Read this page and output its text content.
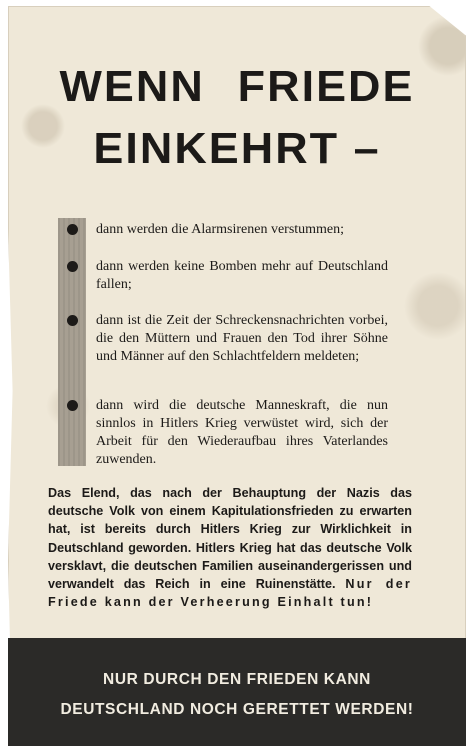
WENN FRIEDE
EINKEHRT –
dann werden die Alarmsirenen verstummen;
dann werden keine Bomben mehr auf Deutschland fallen;
dann ist die Zeit der Schreckensnachrichten vorbei, die den Müttern und Frauen den Tod ihrer Söhne und Männer auf den Schlachtfeldern meldeten;
dann wird die deutsche Manneskraft, die nun sinnlos in Hitlers Krieg verwüstet wird, sich der Arbeit für den Wiederaufbau ihres Vaterlandes zuwenden.
Das Elend, das nach der Behauptung der Nazis das deutsche Volk von einem Kapitulationsfrieden zu erwarten hat, ist bereits durch Hitlers Krieg zur Wirklichkeit in Deutschland geworden. Hitlers Krieg hat das deutsche Volk versklavt, die deutschen Familien auseinandergerissen und verwandelt das Reich in eine Ruinenstätte. Nur der Friede kann der Verheerung Einhalt tun!
NUR DURCH DEN FRIEDEN KANN
DEUTSCHLAND NOCH GERETTET WERDEN!
